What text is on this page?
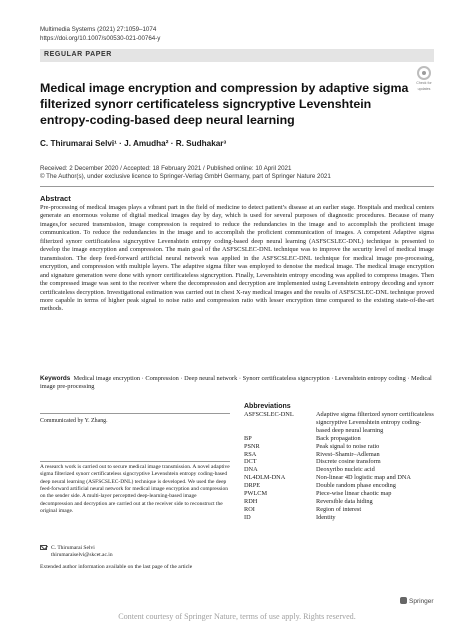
Multimedia Systems (2021) 27:1059–1074
https://doi.org/10.1007/s00530-021-00764-y
REGULAR PAPER
Check for
updates
Medical image encryption and compression by adaptive sigma filterized synorr certificateless signcryptive Levenshtein entropy-coding-based deep neural learning
C. Thirumarai Selvi¹ · J. Amudha² · R. Sudhakar³
Received: 2 December 2020 / Accepted: 18 February 2021 / Published online: 10 April 2021
© The Author(s), under exclusive licence to Springer-Verlag GmbH Germany, part of Springer Nature 2021
Abstract
Pre-processing of medical images plays a vibrant part in the field of medicine to detect patient’s disease at an earlier stage. Hospitals and medical centers generate an enormous volume of digital medical images day by day, which is used for several purposes of diagnostic procedures. Because of many images,for secured transmission, image compression is required to reduce the redundancies in the image and to accomplish the proficient image communication. To reduce the redundancies in the image and to accomplish the proficient communication of images. A competent Adaptive sigma filterized synorr certificateless signcryptive Levenshtein entropy coding-based deep neural learning (ASFSCSLEC-DNL) technique is presented to develop the image encryption and compression. The main goal of the ASFSCSLEC-DNL technique was to improve the security level of medical image transmission. The deep feed-forward artificial neural network was applied in the ASFSCSLEC-DNL technique for medical image pre-processing, encryption, and compression with multiple layers. The adaptive sigma filter was employed to denoise the medical image. The medical image encryption and signature generation were done with synorr certificateless signcryption. Finally, Levenshtein entropy encoding was applied to compress images. Then the compressed image was sent to the receiver where the decompression and decryption are implemented using Levenshtein entropy decoding and synorr certificateless decryption. Investigational estimation was carried out in chest X-ray medical images and the results of ASFSCSLEC-DNL technique proved more capable in terms of higher peak signal to noise ratio and compression ratio with lesser encryption time compared to the existing state-of-the-art methods.
Keywords Medical image encryption · Compression · Deep neural network · Synorr certificateless signcryption · Levenshtein entropy coding · Medical image pre-processing
Communicated by Y. Zhang.
A research work is carried out to secure medical image transmission. A novel adaptive sigma filterized synorr certificateless signcryptive Levenshtein entropy coding-based deep neural learning (ASFSCSLEC-DNL) technique is developed. We used the deep feed-forward artificial neural network for medical image encryption and compression on the sender side. A multi-layer perceptted deep-learning-based image decompression and decryption are carried out at the receiver side to reconstruct the original image.
C. Thirumarai Selvi
thirumaraiselvi@skcet.ac.in
Extended author information available on the last page of the article
Abbreviations
ASFSCSLEC-DNL	Adaptive sigma filterized synorr certificateless signcryptive Levenshtein entropy coding-based deep neural learning
BP	Back propagation
PSNR	Peak signal to noise ratio
RSA	Rivest–Shamir–Adleman
DCT	Discrete cosine transform
DNA	Deoxyribo nucleic acid
NL4DLM-DNA	Non-linear 4D logistic map and DNA
DRPE	Double random phase encoding
PWLCM	Piece-wise linear chaotic map
RDH	Reversible data hiding
ROI	Region of interest
ID	Identity
Springer
Content courtesy of Springer Nature, terms of use apply. Rights reserved.
